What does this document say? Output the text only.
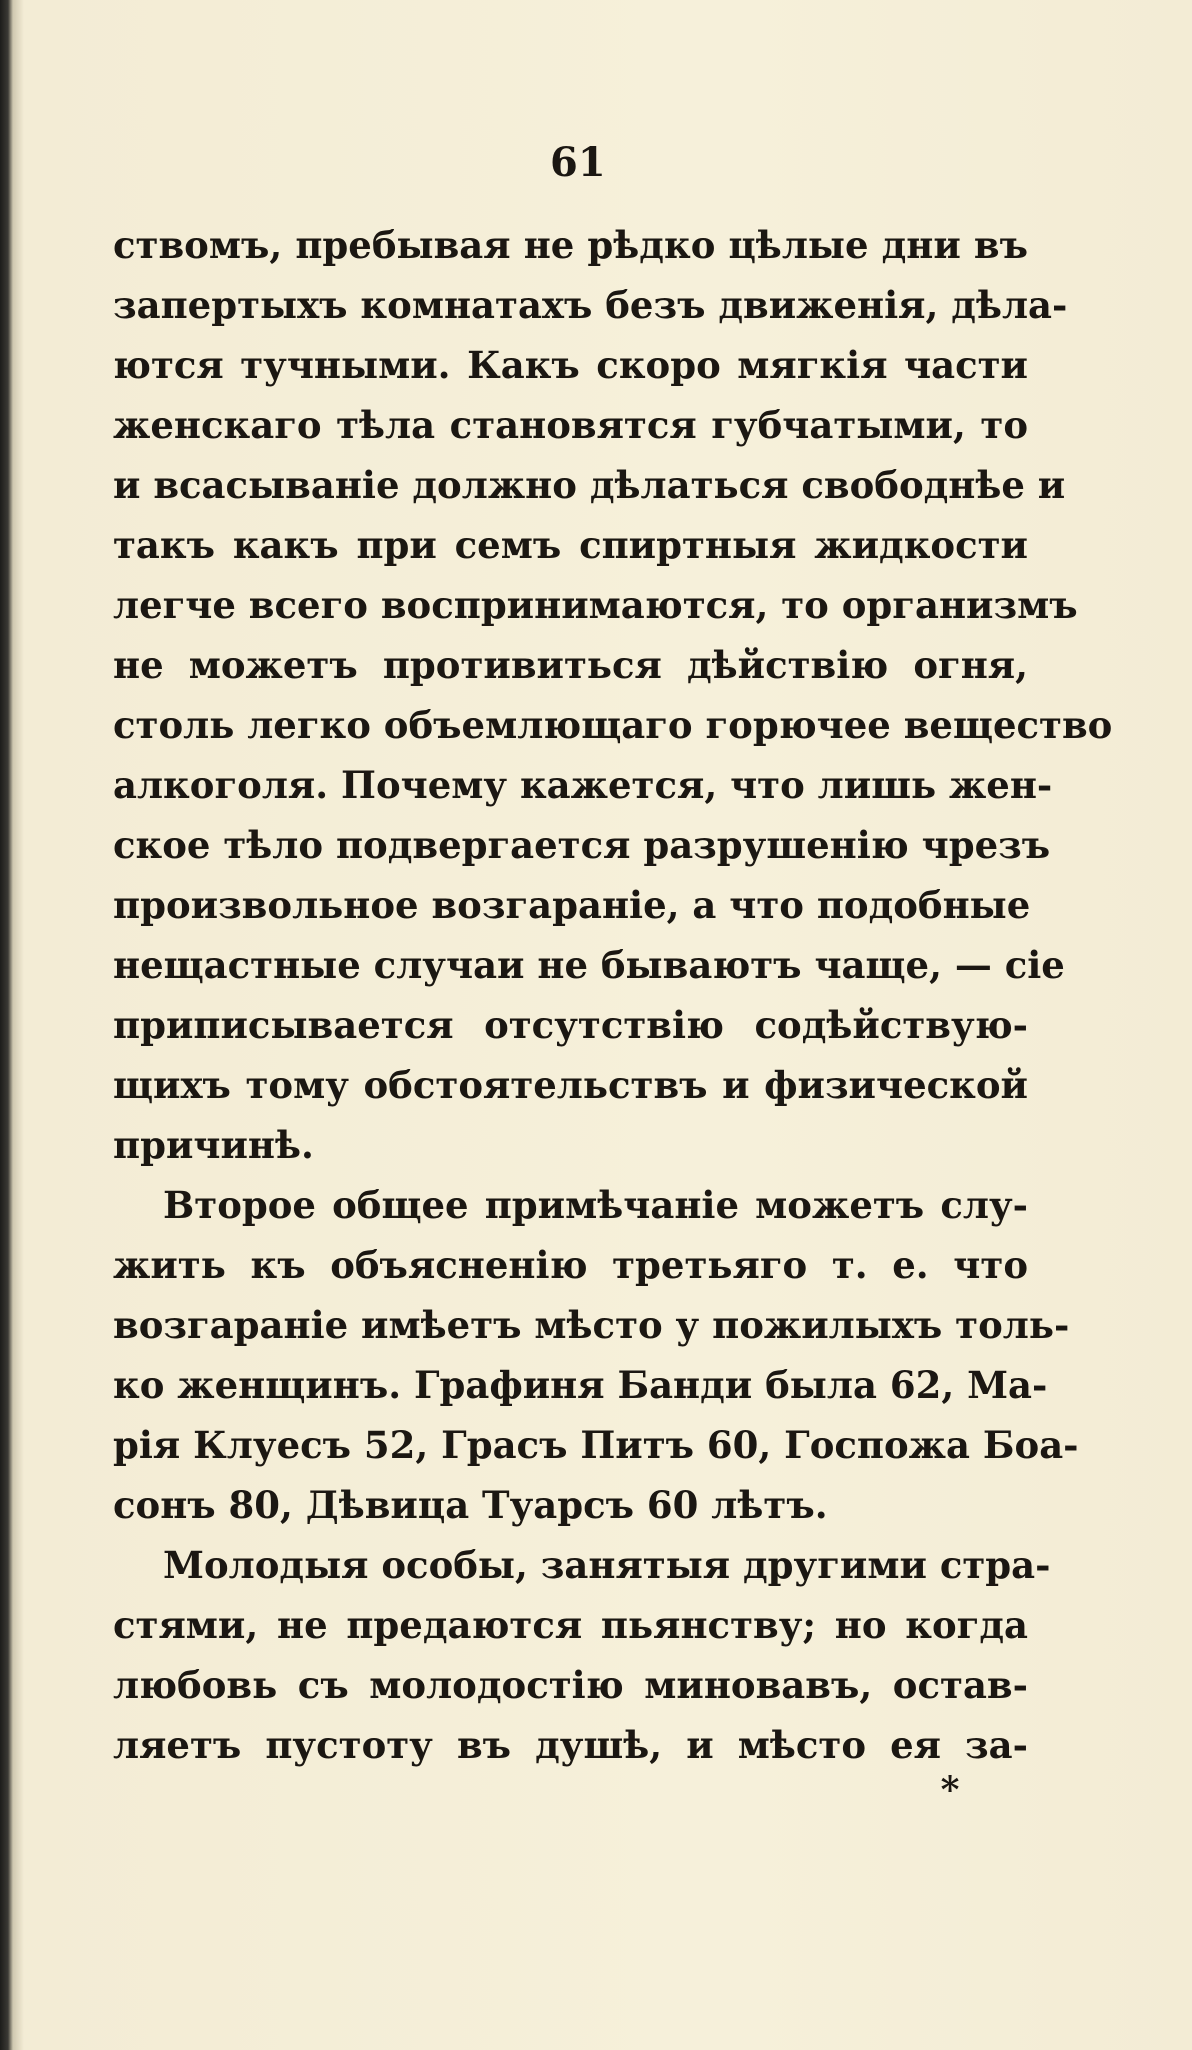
61
ствомъ, пребывая не рѣдко цѣлые дни въ
запертыхъ комнатахъ безъ движенія, дѣла-
ются тучными. Какъ скоро мягкія части
женскаго тѣла становятся губчатыми, то
и всасываніе должно дѣлаться свободнѣе и
такъ какъ при семъ спиртныя жидкости
легче всего воспринимаются, то организмъ
не можетъ противиться дѣйствію огня,
столь легко объемлющаго горючее вещество
алкоголя. Почему кажется, что лишь жен-
ское тѣло подвергается разрушенію чрезъ
произвольное возгараніе, а что подобные
нещастные случаи не бываютъ чаще, — сіе
приписывается отсутствію содѣйствую-
щихъ тому обстоятельствъ и физической
причинѣ.
Второе общее примѣчаніе можетъ слу-
жить къ объясненію третьяго т. е. что
возгараніе имѣетъ мѣсто у пожилыхъ толь-
ко женщинъ. Графиня Банди была 62, Ма-
рія Клуесъ 52, Грасъ Питъ 60, Госпожа Боа-
сонъ 80, Дѣвица Туарсъ 60 лѣтъ.
Молодыя особы, занятыя другими стра-
стями, не предаются пьянству; но когда
любовь съ молодостію миновавъ, остав-
ляетъ пустоту въ душѣ, и мѣсто ея за-
*
